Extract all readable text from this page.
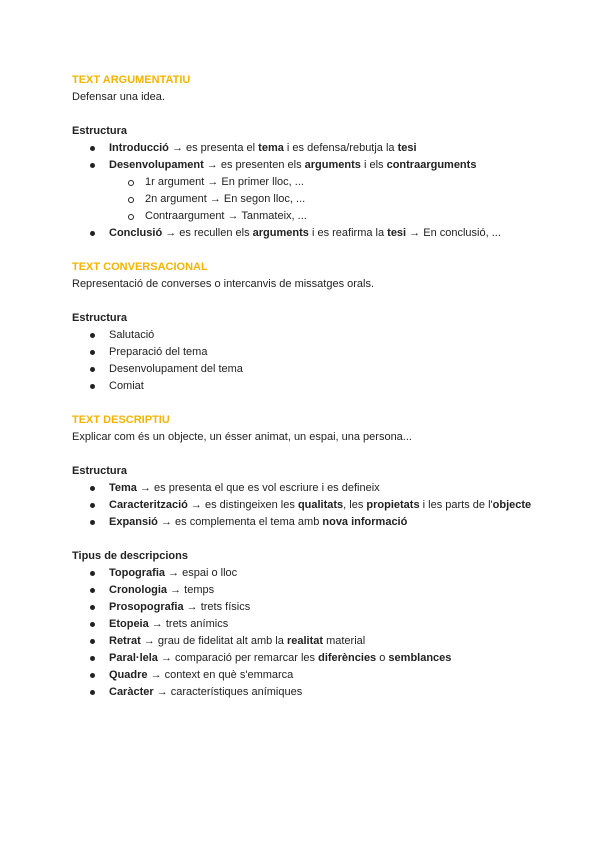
TEXT ARGUMENTATIU
Defensar una idea.
Estructura
Introducció → es presenta el tema i es defensa/rebutja la tesi
Desenvolupament → es presenten els arguments i els contraarguments
1r argument → En primer lloc, ...
2n argument → En segon lloc, ...
Contraargument → Tanmateix, ...
Conclusió → es recullen els arguments i es reafirma la tesi → En conclusió, ...
TEXT CONVERSACIONAL
Representació de converses o intercanvis de missatges orals.
Estructura
Salutació
Preparació del tema
Desenvolupament del tema
Comiat
TEXT DESCRIPTIU
Explicar com és un objecte, un ésser animat, un espai, una persona...
Estructura
Tema → es presenta el que es vol escriure i es defineix
Caracterització → es distingeixen les qualitats, les propietats i les parts de l'objecte
Expansió → es complementa el tema amb nova informació
Tipus de descripcions
Topografia → espai o lloc
Cronologia → temps
Prosopografia → trets físics
Etopeia → trets anímics
Retrat → grau de fidelitat alt amb la realitat material
Paral·lela → comparació per remarcar les diferències o semblances
Quadre → context en què s'emmarca
Caràcter → característiques anímiques
